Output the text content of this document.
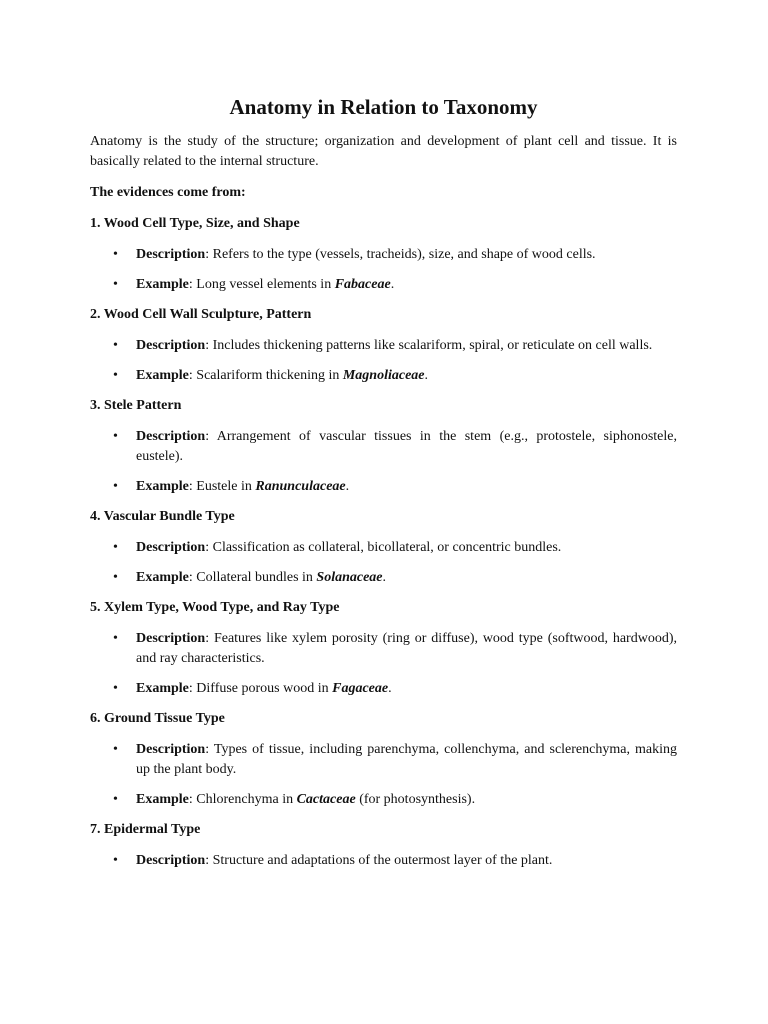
Anatomy in Relation to Taxonomy

Anatomy is the study of the structure; organization and development of plant cell and tissue. It is basically related to the internal structure.

The evidences come from:

1. Wood Cell Type, Size, and Shape
• Description: Refers to the type (vessels, tracheids), size, and shape of wood cells.
• Example: Long vessel elements in Fabaceae.
2. Wood Cell Wall Sculpture, Pattern
• Description: Includes thickening patterns like scalariform, spiral, or reticulate on cell walls.
• Example: Scalariform thickening in Magnoliaceae.
3. Stele Pattern
• Description: Arrangement of vascular tissues in the stem (e.g., protostele, siphonostele, eustele).
• Example: Eustele in Ranunculaceae.
4. Vascular Bundle Type
• Description: Classification as collateral, bicollateral, or concentric bundles.
• Example: Collateral bundles in Solanaceae.
5. Xylem Type, Wood Type, and Ray Type
• Description: Features like xylem porosity (ring or diffuse), wood type (softwood, hardwood), and ray characteristics.
• Example: Diffuse porous wood in Fagaceae.
6. Ground Tissue Type
• Description: Types of tissue, including parenchyma, collenchyma, and sclerenchyma, making up the plant body.
• Example: Chlorenchyma in Cactaceae (for photosynthesis).
7. Epidermal Type
• Description: Structure and adaptations of the outermost layer of the plant.
